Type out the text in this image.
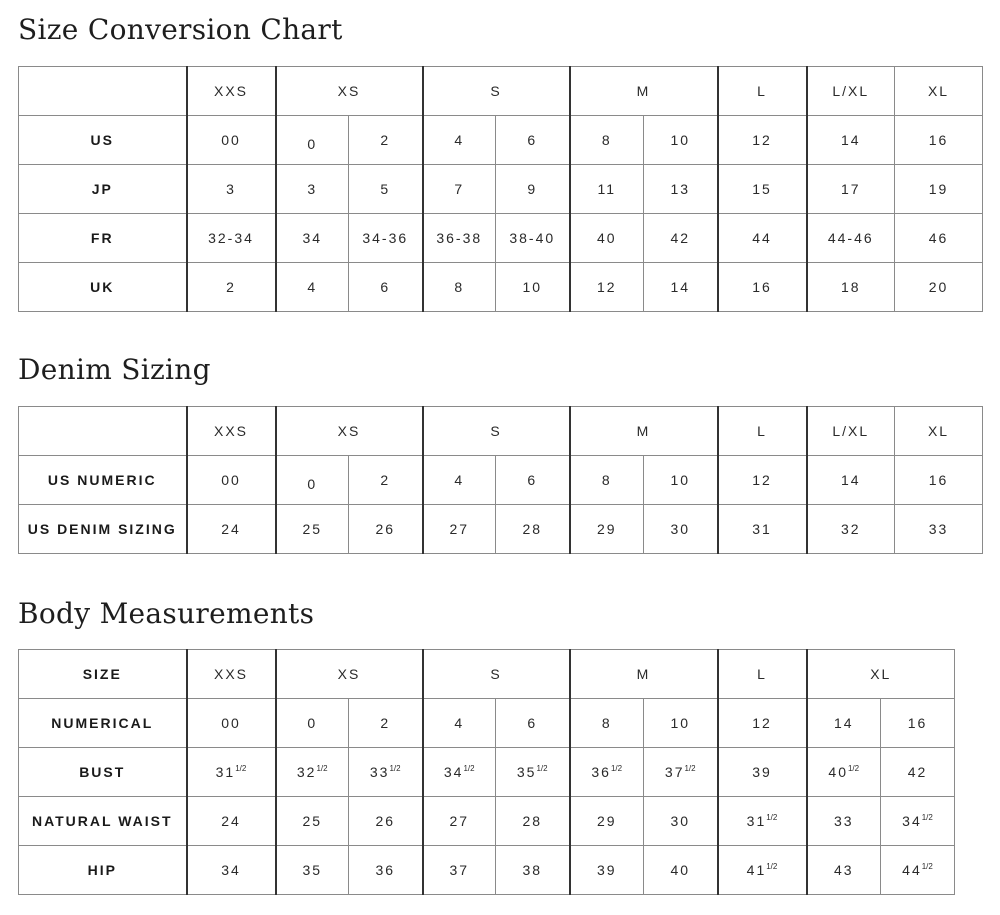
Size Conversion Chart
	XXS	XS		S		M		L	L/XL	XL
US	00	0	2	4	6	8	10	12	14	16
JP	3	3	5	7	9	11	13	15	17	19
FR	32-34	34	34-36	36-38	38-40	40	42	44	44-46	46
UK	2	4	6	8	10	12	14	16	18	20
Denim Sizing
	XXS	XS		S		M		L	L/XL	XL
US NUMERIC	00	0	2	4	6	8	10	12	14	16
US DENIM SIZING	24	25	26	27	28	29	30	31	32	33
Body Measurements
SIZE	XXS	XS		S		M		L	XL	
NUMERICAL	00	0	2	4	6	8	10	12	14	16
BUST	$31^{1/2}$	$32^{1/2}$	$33^{1/2}$	$34^{1/2}$	$35^{1/2}$	$36^{1/2}$	$37^{1/2}$	39	$40^{1/2}$	42
NATURAL WAIST	24	25	26	27	28	29	30	$31^{1/2}$	33	$34^{1/2}$
HIP	34	35	36	37	38	39	40	$41^{1/2}$	43	$44^{1/2}$
